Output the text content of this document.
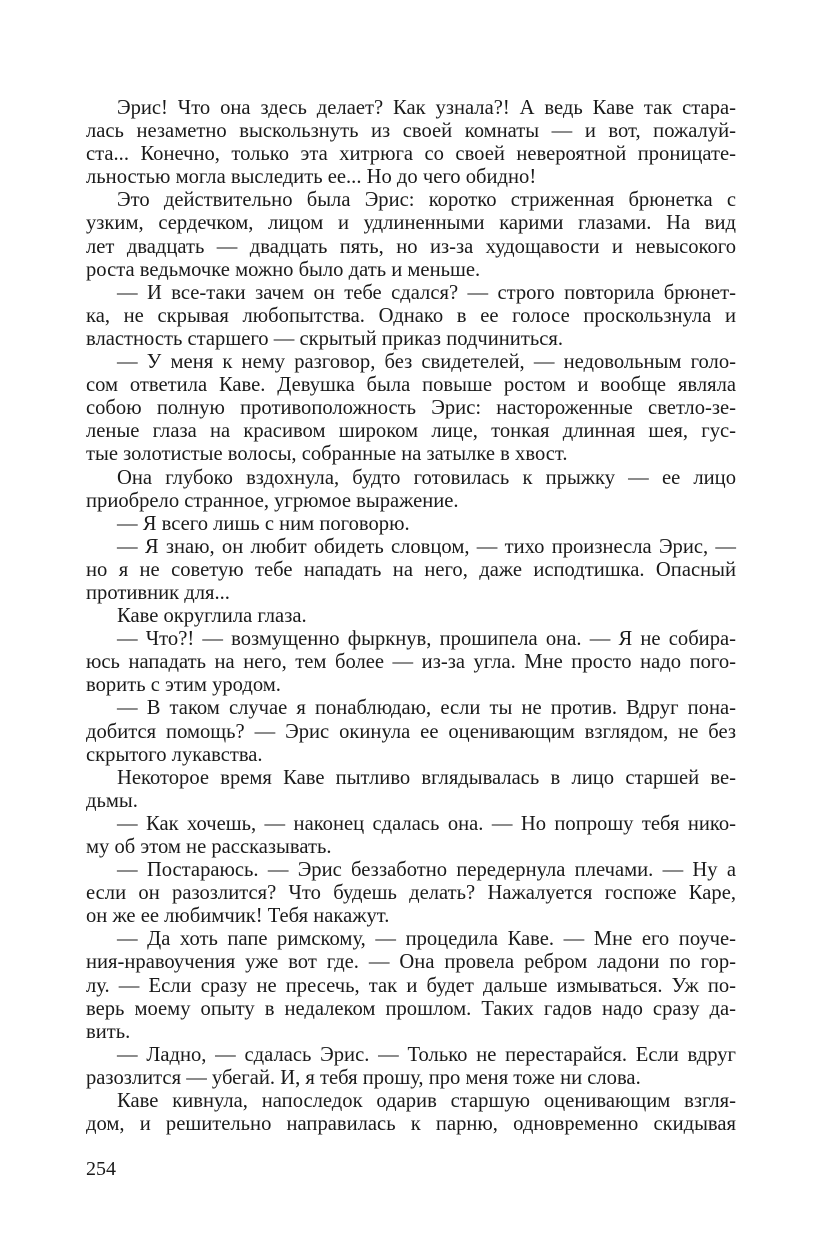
Эрис! Что она здесь делает? Как узнала?! А ведь Каве так стара-
лась незаметно выскользнуть из своей комнаты — и вот, пожалуй-
ста... Конечно, только эта хитрюга со своей невероятной проницате-
льностью могла выследить ее... Но до чего обидно!
Это действительно была Эрис: коротко стриженная брюнетка с
узким, сердечком, лицом и удлиненными карими глазами. На вид
лет двадцать — двадцать пять, но из-за худощавости и невысокого
роста ведьмочке можно было дать и меньше.
— И все-таки зачем он тебе сдался? — строго повторила брюнет-
ка, не скрывая любопытства. Однако в ее голосе проскользнула и
властность старшего — скрытый приказ подчиниться.
— У меня к нему разговор, без свидетелей, — недовольным голо-
сом ответила Каве. Девушка была повыше ростом и вообще являла
собою полную противоположность Эрис: настороженные светло-зе-
леные глаза на красивом широком лице, тонкая длинная шея, гус-
тые золотистые волосы, собранные на затылке в хвост.
Она глубоко вздохнула, будто готовилась к прыжку — ее лицо
приобрело странное, угрюмое выражение.
— Я всего лишь с ним поговорю.
— Я знаю, он любит обидеть словцом, — тихо произнесла Эрис, —
но я не советую тебе нападать на него, даже исподтишка. Опасный
противник для...
Каве округлила глаза.
— Что?! — возмущенно фыркнув, прошипела она. — Я не собира-
юсь нападать на него, тем более — из-за угла. Мне просто надо пого-
ворить с этим уродом.
— В таком случае я понаблюдаю, если ты не против. Вдруг пона-
добится помощь? — Эрис окинула ее оценивающим взглядом, не без
скрытого лукавства.
Некоторое время Каве пытливо вглядывалась в лицо старшей ве-
дьмы.
— Как хочешь, — наконец сдалась она. — Но попрошу тебя нико-
му об этом не рассказывать.
— Постараюсь. — Эрис беззаботно передернула плечами. — Ну а
если он разозлится? Что будешь делать? Нажалуется госпоже Каре,
он же ее любимчик! Тебя накажут.
— Да хоть папе римскому, — процедила Каве. — Мне его поуче-
ния-нравоучения уже вот где. — Она провела ребром ладони по гор-
лу. — Если сразу не пресечь, так и будет дальше измываться. Уж по-
верь моему опыту в недалеком прошлом. Таких гадов надо сразу да-
вить.
— Ладно, — сдалась Эрис. — Только не перестарайся. Если вдруг
разозлится — убегай. И, я тебя прошу, про меня тоже ни слова.
Каве кивнула, напоследок одарив старшую оценивающим взгля-
дом, и решительно направилась к парню, одновременно скидывая
254
